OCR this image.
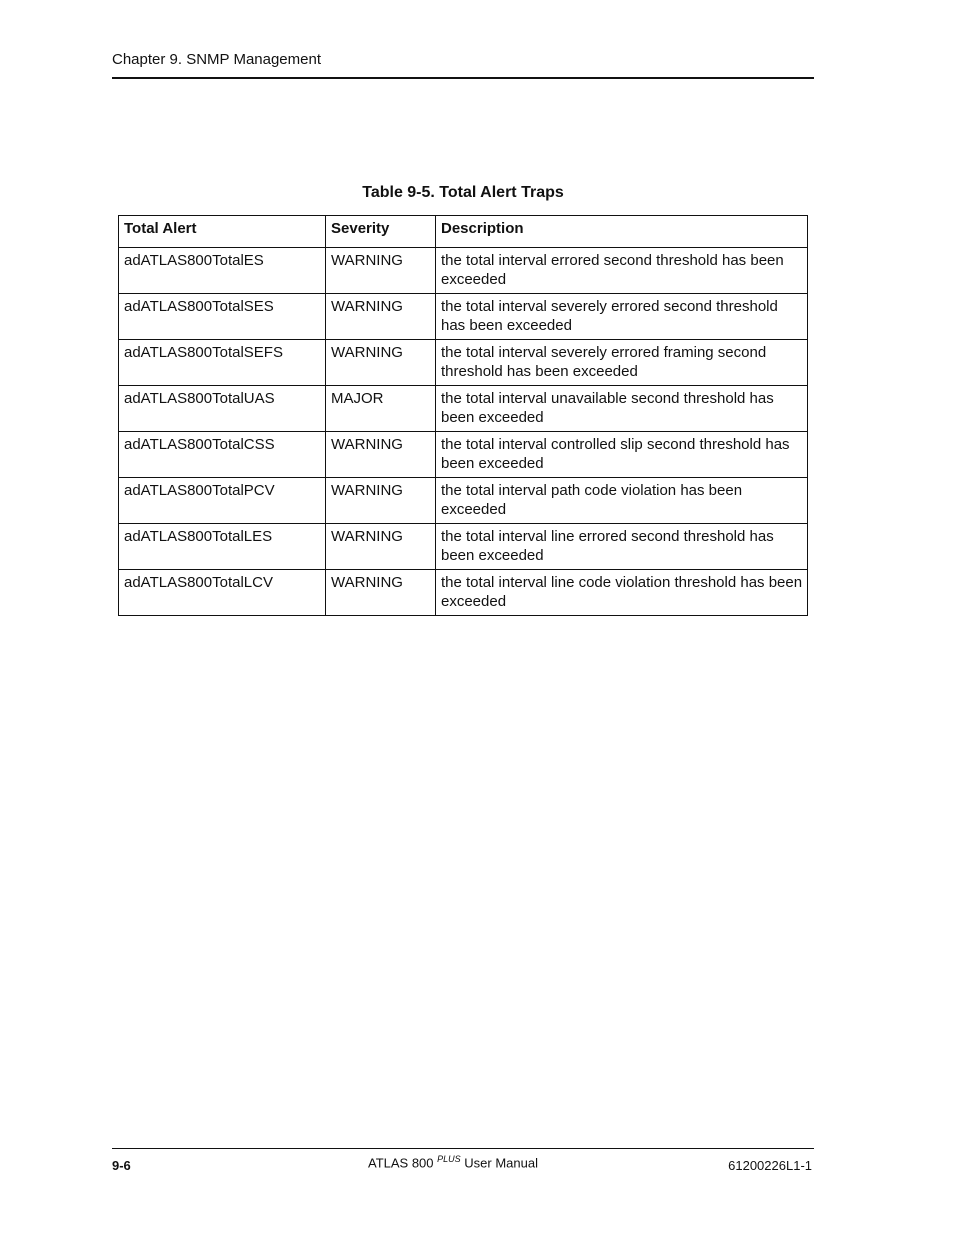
Chapter 9. SNMP Management
Table 9-5. Total Alert Traps
Total Alert	Severity	Description
adATLAS800TotalES	WARNING	the total interval errored second threshold has been exceeded
adATLAS800TotalSES	WARNING	the total interval severely errored second threshold has been exceeded
adATLAS800TotalSEFS	WARNING	the total interval severely errored framing second threshold has been exceeded
adATLAS800TotalUAS	MAJOR	the total interval unavailable second threshold has been exceeded
adATLAS800TotalCSS	WARNING	the total interval controlled slip second threshold has been exceeded
adATLAS800TotalPCV	WARNING	the total interval path code violation has been exceeded
adATLAS800TotalLES	WARNING	the total interval line errored second threshold has been exceeded
adATLAS800TotalLCV	WARNING	the total interval line code violation threshold has been exceeded
9-6	ATLAS 800 $^{PLUS}$ User Manual	61200226L1-1
